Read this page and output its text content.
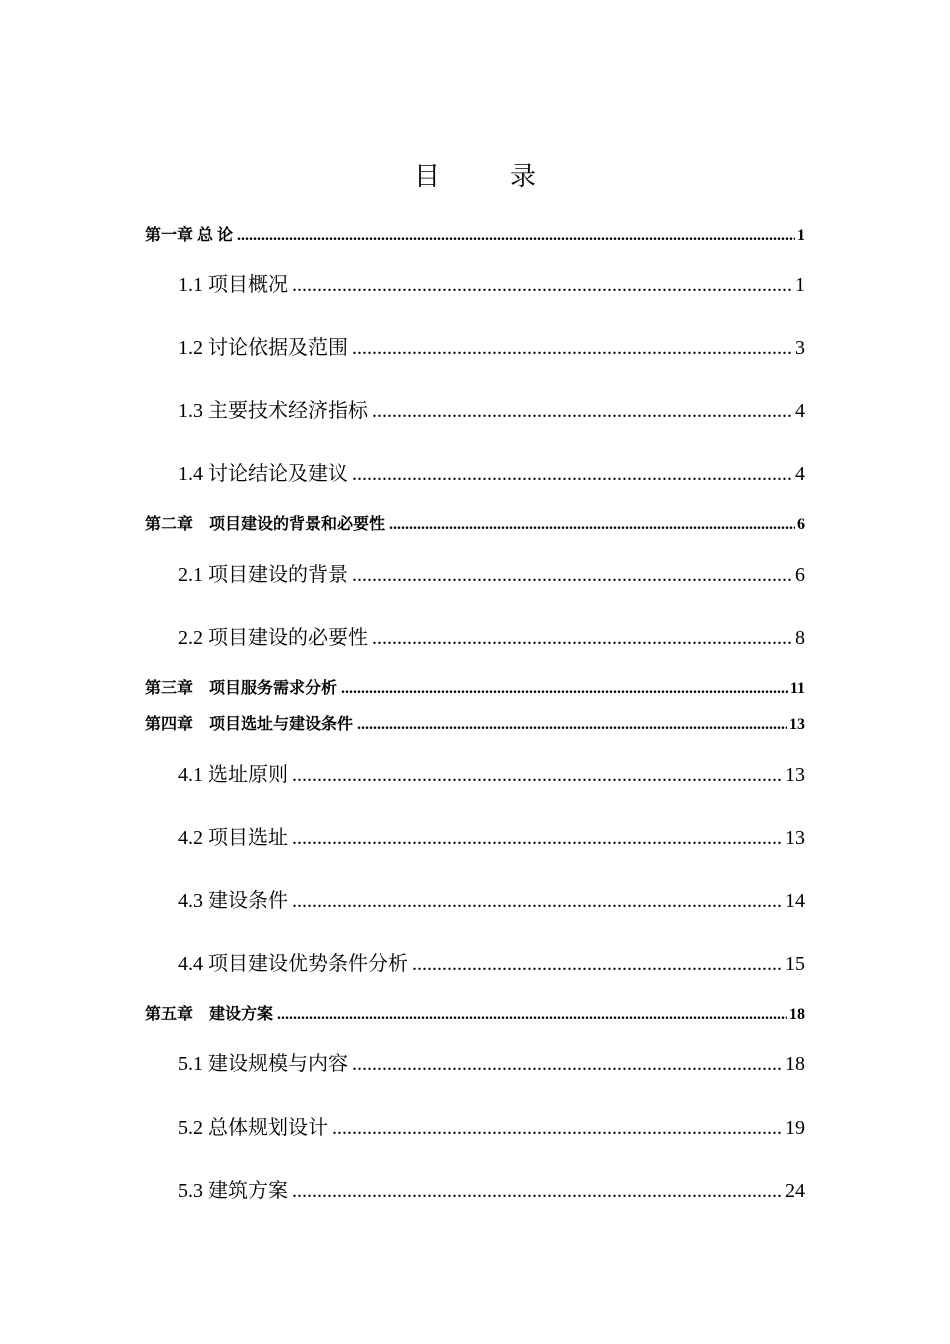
目　录
第一章 总 论 .....	1
1.1 项目概况 .....	1
1.2 讨论依据及范围 .....	3
1.3 主要技术经济指标 .....	4
1.4 讨论结论及建议 .....	4
第二章　项目建设的背景和必要性 .....	6
2.1 项目建设的背景 .....	6
2.2 项目建设的必要性 .....	8
第三章　项目服务需求分析 .....	11
第四章　项目选址与建设条件 .....	13
4.1 选址原则 .....	13
4.2 项目选址 .....	13
4.3 建设条件 .....	14
4.4 项目建设优势条件分析 .....	15
第五章　建设方案 .....	18
5.1 建设规模与内容 .....	18
5.2 总体规划设计 .....	19
5.3 建筑方案 .....	24
